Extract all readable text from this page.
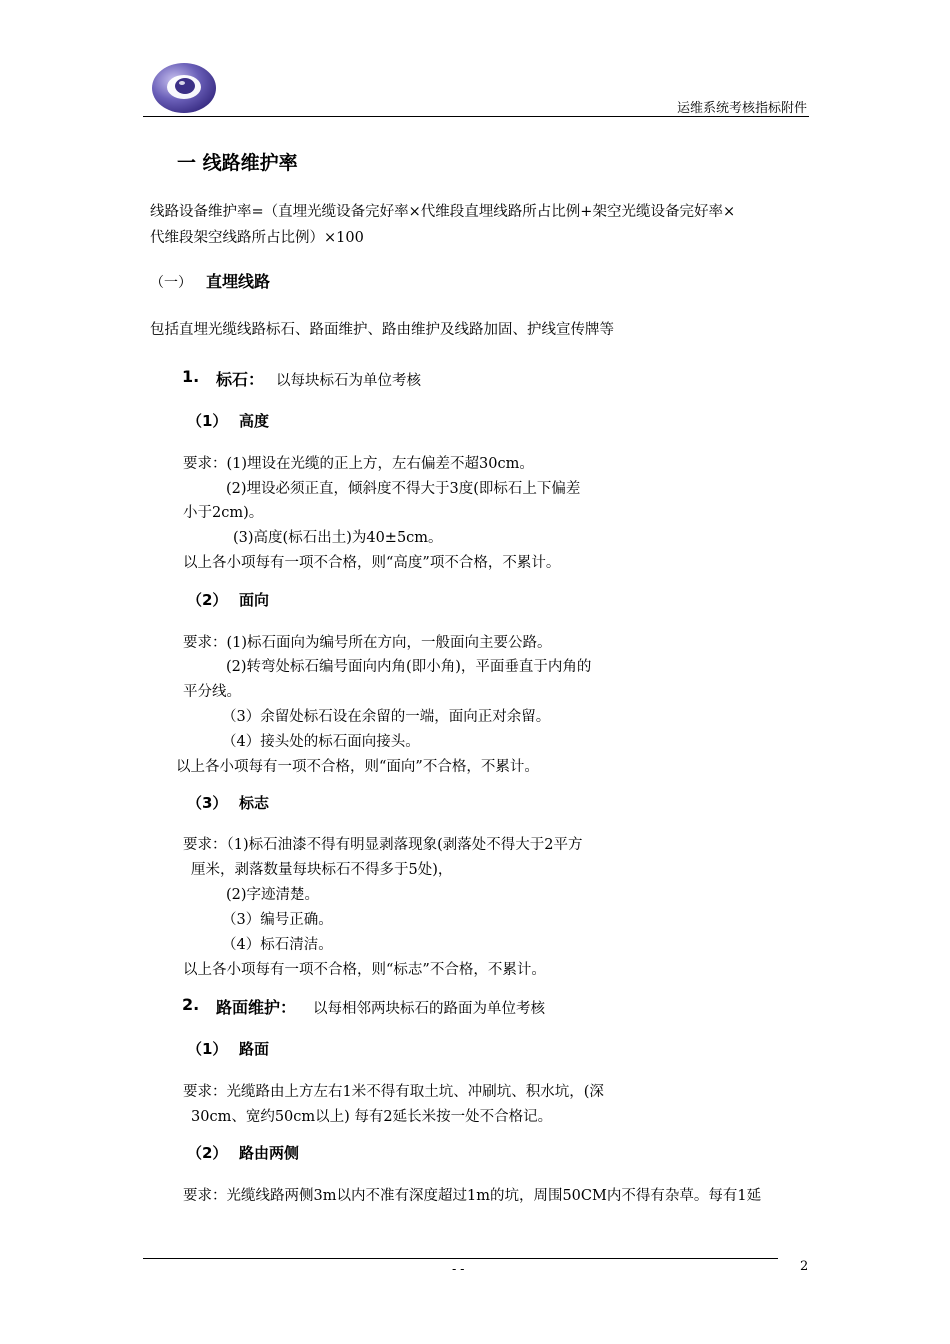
运维系统考核指标附件
一 线路维护率
线路设备维护率=（直埋光缆设备完好率×代维段直埋线路所占比例+架空光缆设备完好率×
代维段架空线路所占比例）×100
（一） 直埋线路
包括直埋光缆线路标石、路面维护、路由维护及线路加固、护线宣传牌等
1. 标石： 以每块标石为单位考核
（1） 高度
要求：(1)埋设在光缆的正上方，左右偏差不超30cm。
(2)埋设必须正直，倾斜度不得大于3度(即标石上下偏差
小于2cm)。
(3)高度(标石出土)为40±5cm。
以上各小项每有一项不合格，则“高度”项不合格，不累计。
（2） 面向
要求：(1)标石面向为编号所在方向，一般面向主要公路。
(2)转弯处标石编号面向内角(即小角)，平面垂直于内角的
平分线。
（3）余留处标石设在余留的一端，面向正对余留。
（4）接头处的标石面向接头。
以上各小项每有一项不合格，则“面向”不合格，不累计。
（3） 标志
要求：（1)标石油漆不得有明显剥落现象(剥落处不得大于2平方
厘米，剥落数量每块标石不得多于5处)，
(2)字迹清楚。
（3）编号正确。
（4）标石清洁。
以上各小项每有一项不合格，则“标志”不合格，不累计。
2. 路面维护： 以每相邻两块标石的路面为单位考核
（1） 路面
要求：光缆路由上方左右1米不得有取土坑、冲刷坑、积水坑，(深
30cm、宽约50cm以上) 每有2延长米按一处不合格记。
（2） 路由两侧
要求：光缆线路两侧3m以内不准有深度超过1m的坑，周围50CM内不得有杂草。每有1延
- -	2
